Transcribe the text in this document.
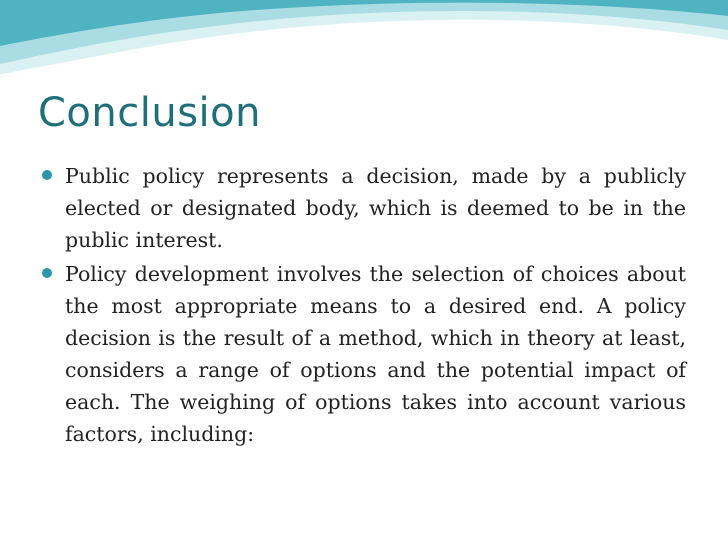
Conclusion
Public policy represents a decision, made by a publicly elected or designated body, which is deemed to be in the public interest.
Policy development involves the selection of choices about the most appropriate means to a desired end. A policy decision is the result of a method, which in theory at least, considers a range of options and the potential impact of each. The weighing of options takes into account various factors, including:
